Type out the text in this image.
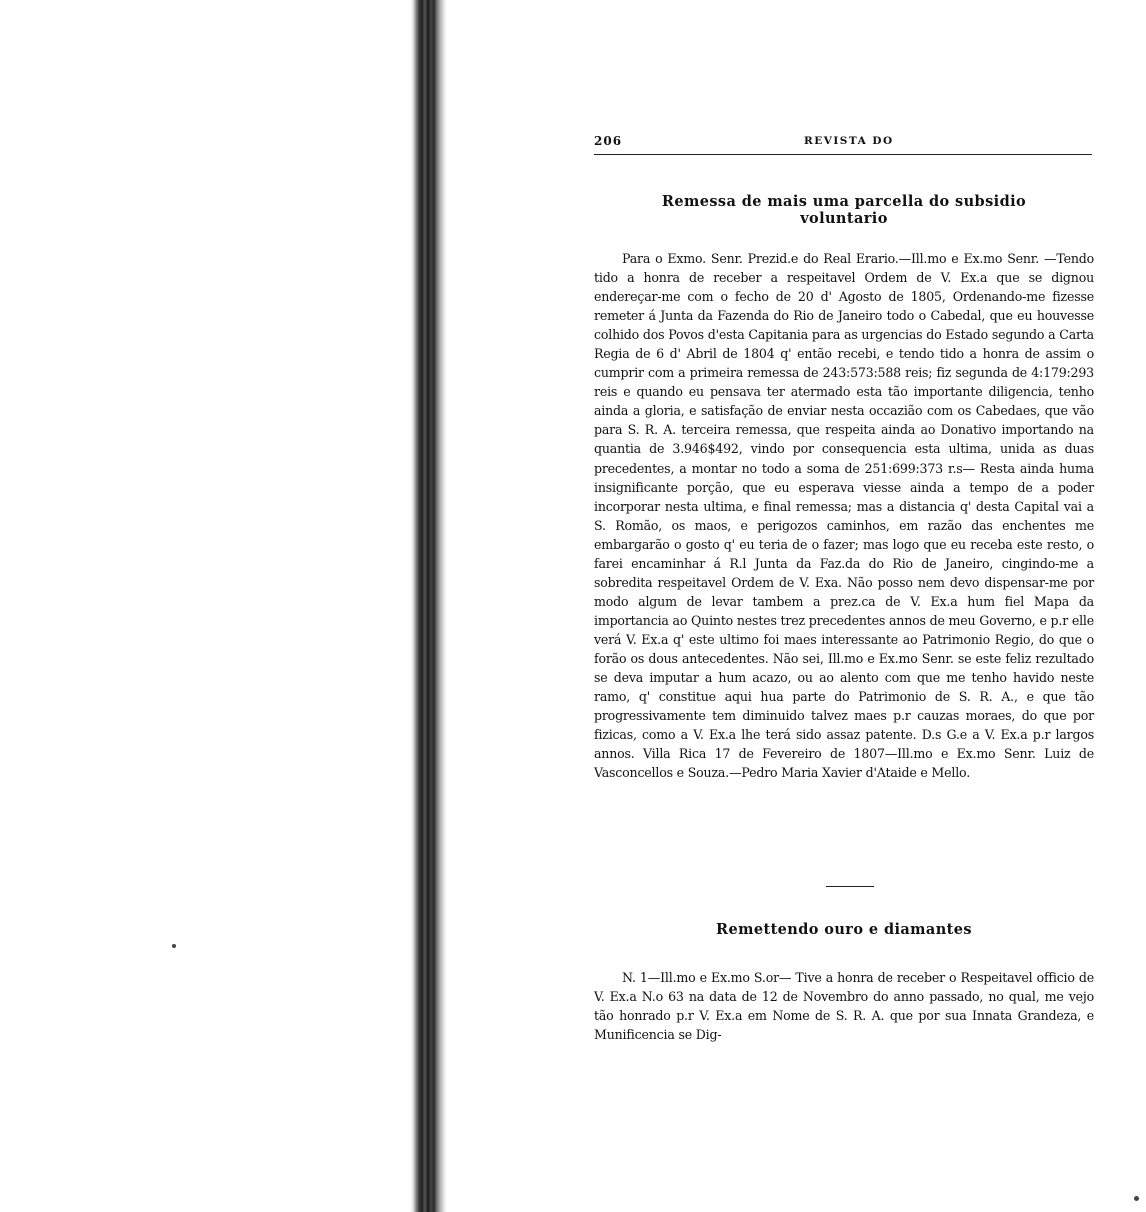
206	REVISTA DO
Remessa de mais uma parcella do subsidio voluntario

Para o Exmo. Senr. Prezid.e do Real Erario.—Ill.mo e Ex.mo Senr. —Tendo tido a honra de receber a respeitavel Ordem de V. Ex.a que se dignou endereçar-me com o fecho de 20 d' Agosto de 1805, Ordenando-me fizesse remeter á Junta da Fazenda do Rio de Janeiro todo o Cabedal, que eu houvesse colhido dos Povos d'esta Capitania para as urgencias do Estado segundo a Carta Regia de 6 d' Abril de 1804 q' então recebi, e tendo tido a honra de assim o cumprir com a primeira remessa de 243:573:588 reis; fiz segunda de 4:179:293 reis e quando eu pensava ter atermado esta tão importante diligencia, tenho ainda a gloria, e satisfação de enviar nesta occazião com os Cabedaes, que vão para S. R. A. terceira remessa, que respeita ainda ao Donativo importando na quantia de 3.946$492, vindo por consequencia esta ultima, unida as duas precedentes, a montar no todo a soma de 251:699:373 r.s— Resta ainda huma insignificante porção, que eu esperava viesse ainda a tempo de a poder incorporar nesta ultima, e final remessa; mas a distancia q' desta Capital vai a S. Romão, os maos, e perigozos caminhos, em razão das enchentes me embargarão o gosto q' eu teria de o fazer; mas logo que eu receba este resto, o farei encaminhar á R.l Junta da Faz.da do Rio de Janeiro, cingindo-me a sobredita respeitavel Ordem de V. Exa. Não posso nem devo dispensar-me por modo algum de levar tambem a prez.ca de V. Ex.a hum fiel Mapa da importancia ao Quinto nestes trez precedentes annos de meu Governo, e p.r elle verá V. Ex.a q' este ultimo foi maes interessante ao Patrimonio Regio, do que o forão os dous antecedentes. Não sei, Ill.mo e Ex.mo Senr. se este feliz rezultado se deva imputar a hum acazo, ou ao alento com que me tenho havido neste ramo, q' constitue aqui hua parte do Patrimonio de S. R. A., e que tão progressivamente tem diminuido talvez maes p.r cauzas moraes, do que por fizicas, como a V. Ex.a lhe terá sido assaz patente. D.s G.e a V. Ex.a p.r largos annos. Villa Rica 17 de Fevereiro de 1807—Ill.mo e Ex.mo Senr. Luiz de Vasconcellos e Souza.—Pedro Maria Xavier d'Ataide e Mello.

Remettendo ouro e diamantes

N. 1—Ill.mo e Ex.mo S.or— Tive a honra de receber o Respeitavel officio de V. Ex.a N.o 63 na data de 12 de Novembro do anno passado, no qual, me vejo tão honrado p.r V. Ex.a em Nome de S. R. A. que por sua Innata Grandeza, e Munificencia se Dig-
